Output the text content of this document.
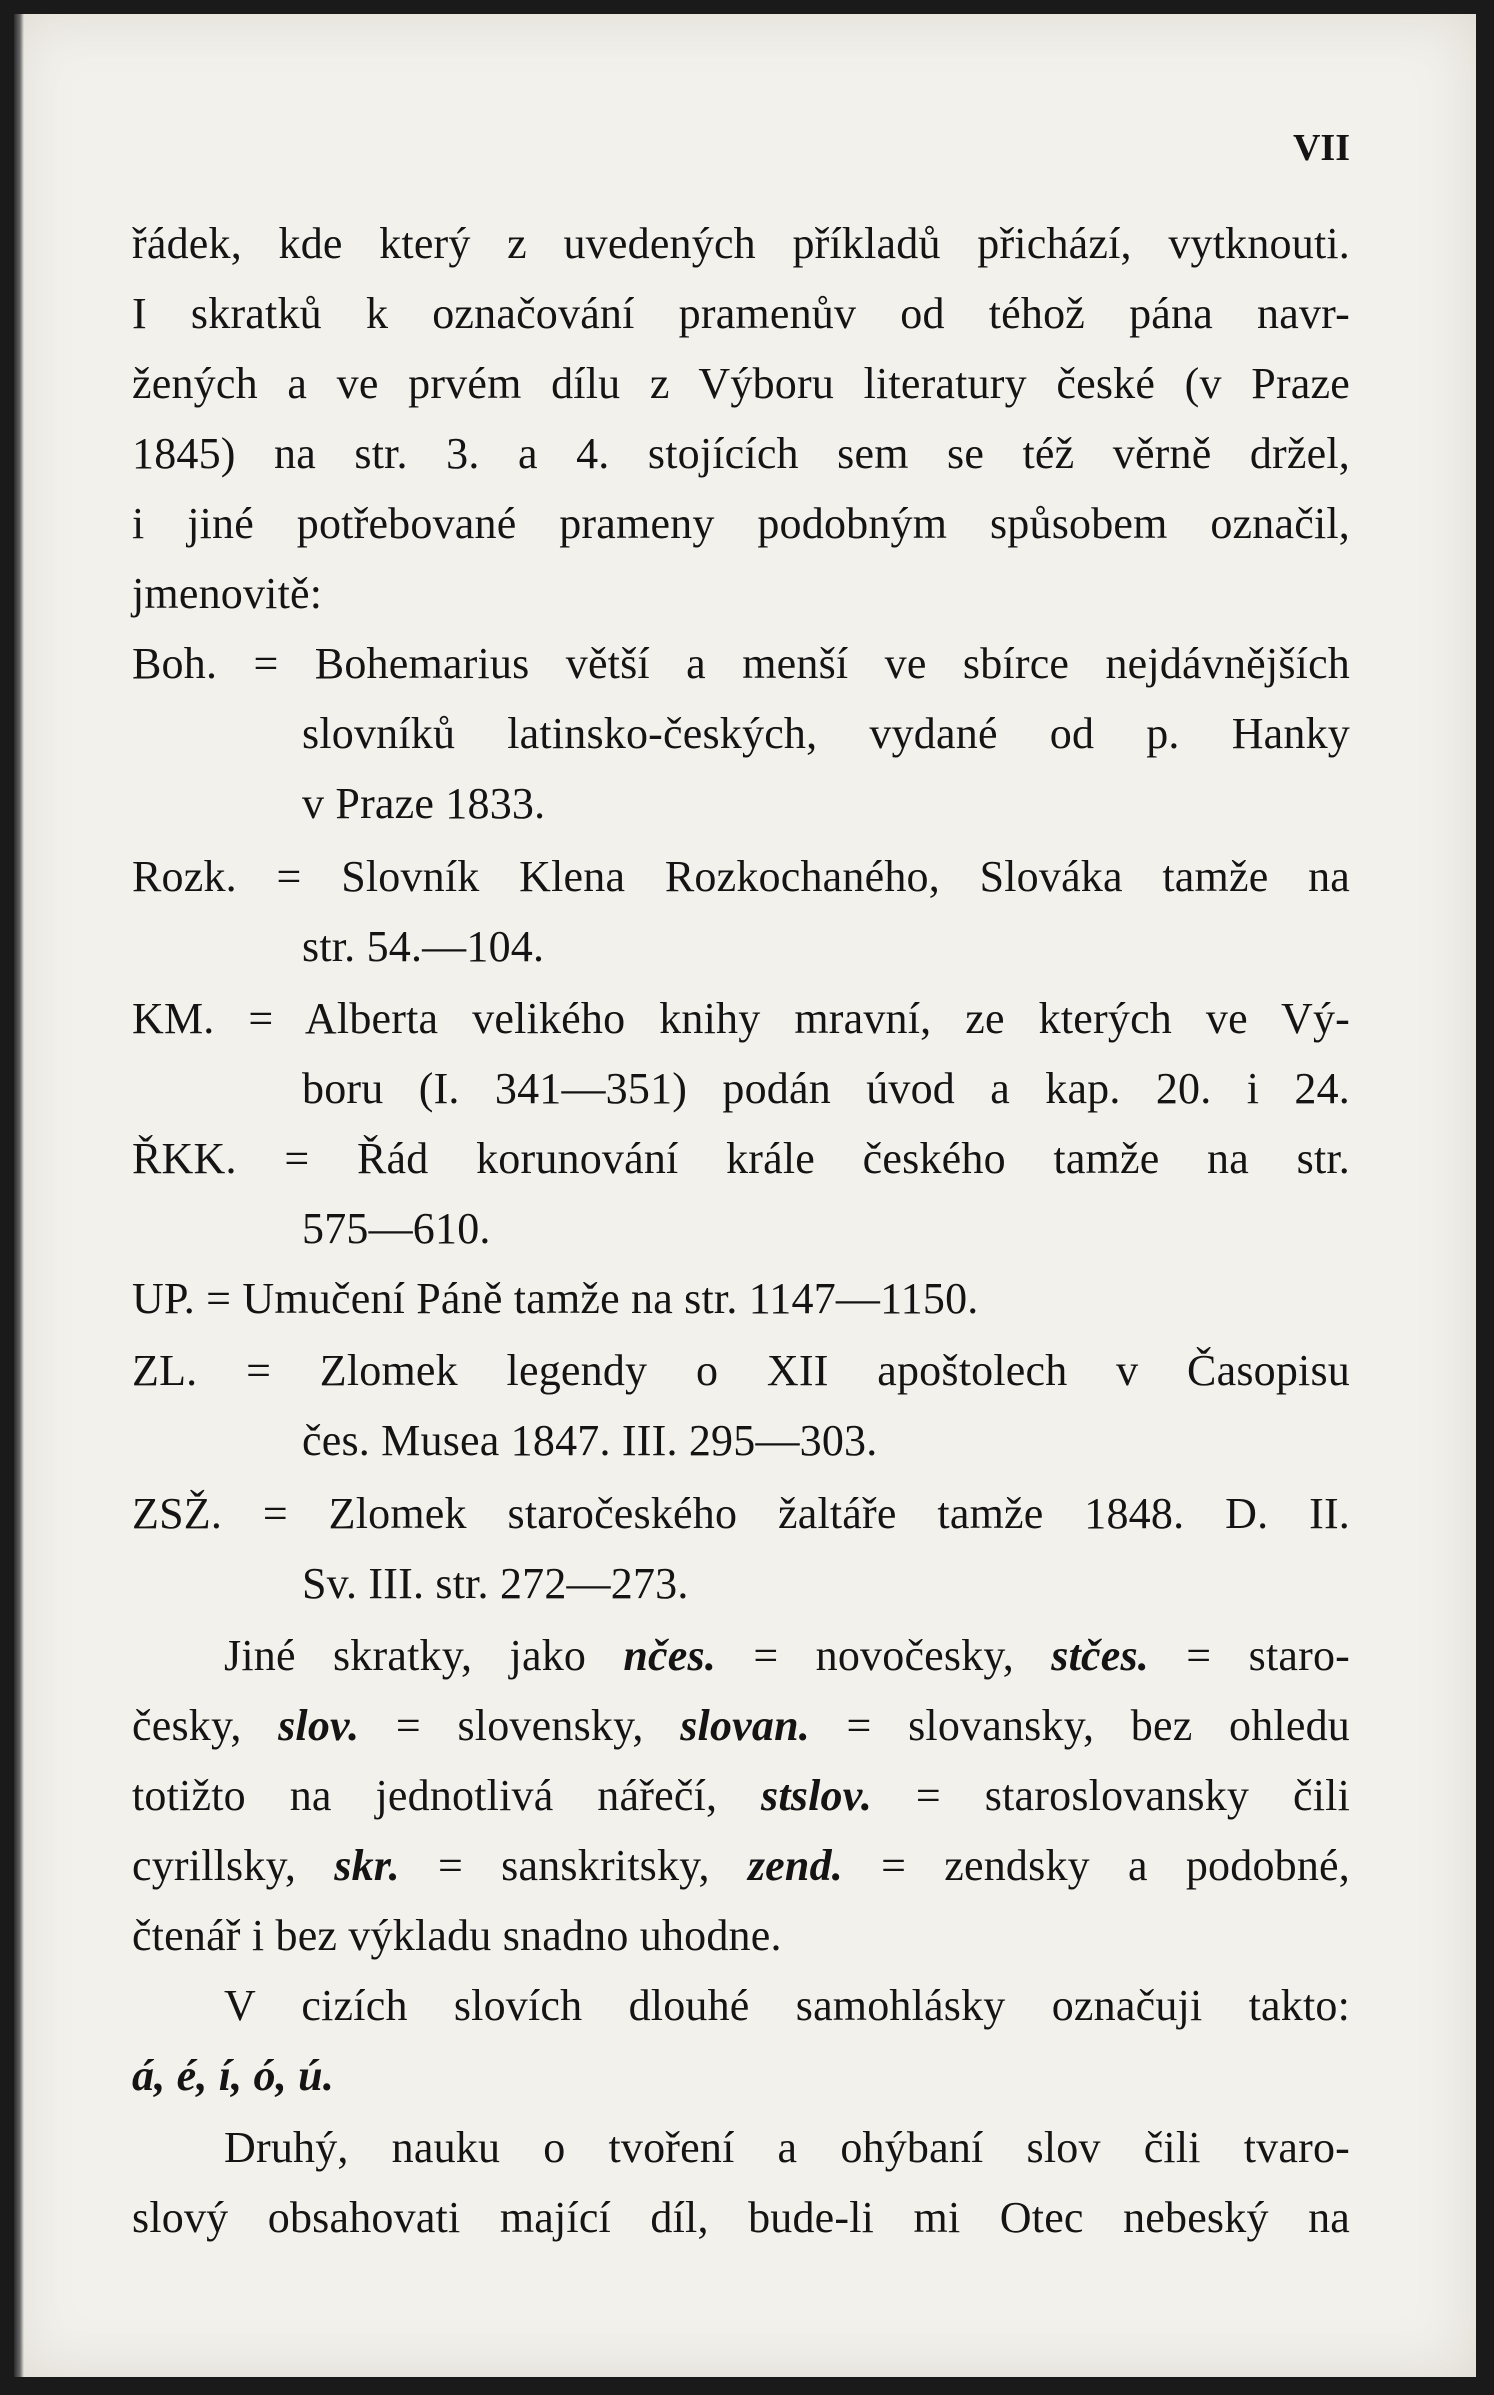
VII
řádek, kde který z uvedených příkladů přichází, vytknouti.
I skratků k označování pramenův od téhož pána navr-
žených a ve prvém dílu z Výboru literatury české (v Praze
1845) na str. 3. a 4. stojících sem se též věrně držel,
i jiné potřebované prameny podobným spůsobem označil,
jmenovitě:
Boh. = Bohemarius větší a menší ve sbírce nejdávnějších
slovníků latinsko-českých, vydané od p. Hanky
v Praze 1833.
Rozk. = Slovník Klena Rozkochaného, Slováka tamže na
str. 54.—104.
KM. = Alberta velikého knihy mravní, ze kterých ve Vý-
boru (I. 341—351) podán úvod a kap. 20. i 24.
ŘKK. = Řád korunování krále českého tamže na str.
575—610.
UP. = Umučení Páně tamže na str. 1147—1150.
ZL. = Zlomek legendy o XII apoštolech v Časopisu
čes. Musea 1847. III. 295—303.
ZSŽ. = Zlomek staročeského žaltáře tamže 1848. D. II.
Sv. III. str. 272—273.
Jiné skratky, jako nčes. = novočesky, stčes. = staro-
česky, slov. = slovensky, slovan. = slovansky, bez ohledu
totižto na jednotlivá nářečí, stslov. = staroslovansky čili
cyrillsky, skr. = sanskritsky, zend. = zendsky a podobné,
čtenář i bez výkladu snadno uhodne.
V cizích slovích dlouhé samohlásky označuji takto:
á, é, í, ó, ú.
Druhý, nauku o tvoření a ohýbaní slov čili tvaro-
slový obsahovati mající díl, bude-li mi Otec nebeský na
